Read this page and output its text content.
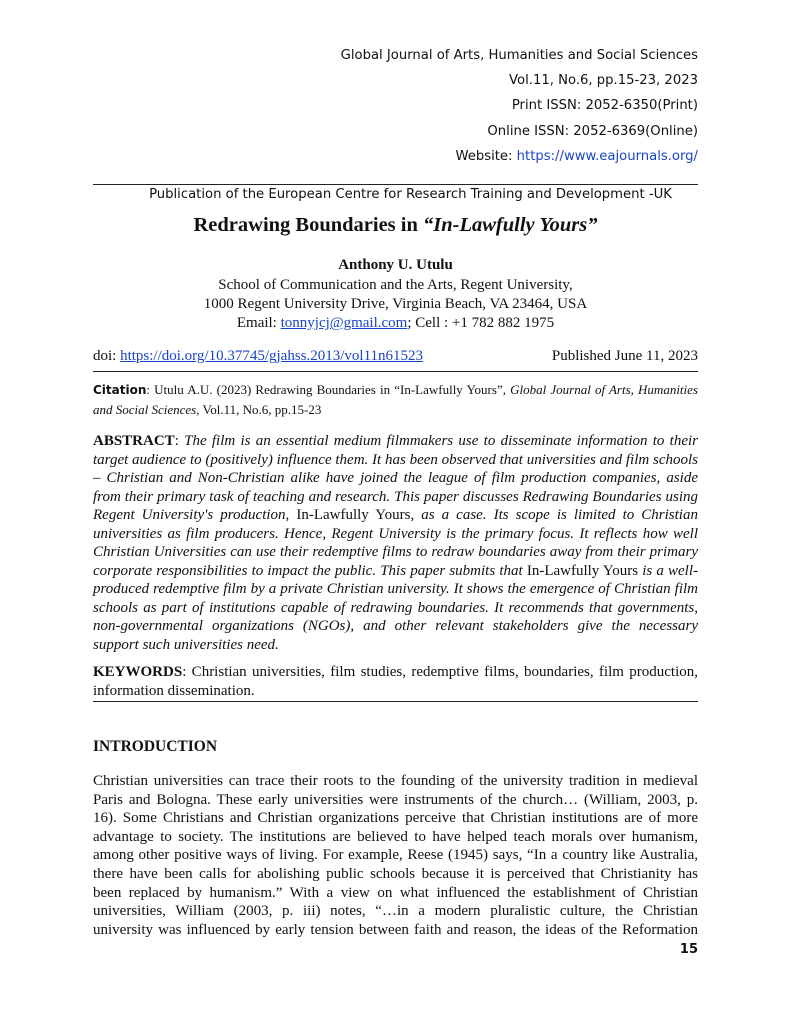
Global Journal of Arts, Humanities and Social Sciences
Vol.11, No.6, pp.15-23, 2023
Print ISSN: 2052-6350(Print)
Online ISSN: 2052-6369(Online)
Website: https://www.eajournals.org/
Publication of the European Centre for Research Training and Development -UK
Redrawing Boundaries in “In-Lawfully Yours”
Anthony U. Utulu
School of Communication and the Arts, Regent University,
1000 Regent University Drive, Virginia Beach, VA 23464, USA
Email: tonnyjcj@gmail.com; Cell : +1 782 882 1975
doi: https://doi.org/10.37745/gjahss.2013/vol11n61523	Published June 11, 2023
Citation: Utulu A.U. (2023) Redrawing Boundaries in “In-Lawfully Yours”, Global Journal of Arts, Humanities and Social Sciences, Vol.11, No.6, pp.15-23
ABSTRACT: The film is an essential medium filmmakers use to disseminate information to their target audience to (positively) influence them. It has been observed that universities and film schools – Christian and Non-Christian alike have joined the league of film production companies, aside from their primary task of teaching and research. This paper discusses Redrawing Boundaries using Regent University's production, In-Lawfully Yours, as a case. Its scope is limited to Christian universities as film producers. Hence, Regent University is the primary focus. It reflects how well Christian Universities can use their redemptive films to redraw boundaries away from their primary corporate responsibilities to impact the public. This paper submits that In-Lawfully Yours is a well-produced redemptive film by a private Christian university. It shows the emergence of Christian film schools as part of institutions capable of redrawing boundaries. It recommends that governments, non-governmental organizations (NGOs), and other relevant stakeholders give the necessary support such universities need.
KEYWORDS: Christian universities, film studies, redemptive films, boundaries, film production, information dissemination.
INTRODUCTION
Christian universities can trace their roots to the founding of the university tradition in medieval
Paris and Bologna. These early universities were instruments of the church… (William, 2003, p.
16). Some Christians and Christian organizations perceive that Christian institutions are of more
advantage to society. The institutions are believed to have helped teach morals over humanism,
among other positive ways of living. For example, Reese (1945) says, “In a country like Australia,
there have been calls for abolishing public schools because it is perceived that Christianity has
been replaced by humanism.” With a view on what influenced the establishment of Christian
universities, William (2003, p. iii) notes, “…in a modern pluralistic culture, the Christian
university was influenced by early tension between faith and reason, the ideas of the Reformation
15
